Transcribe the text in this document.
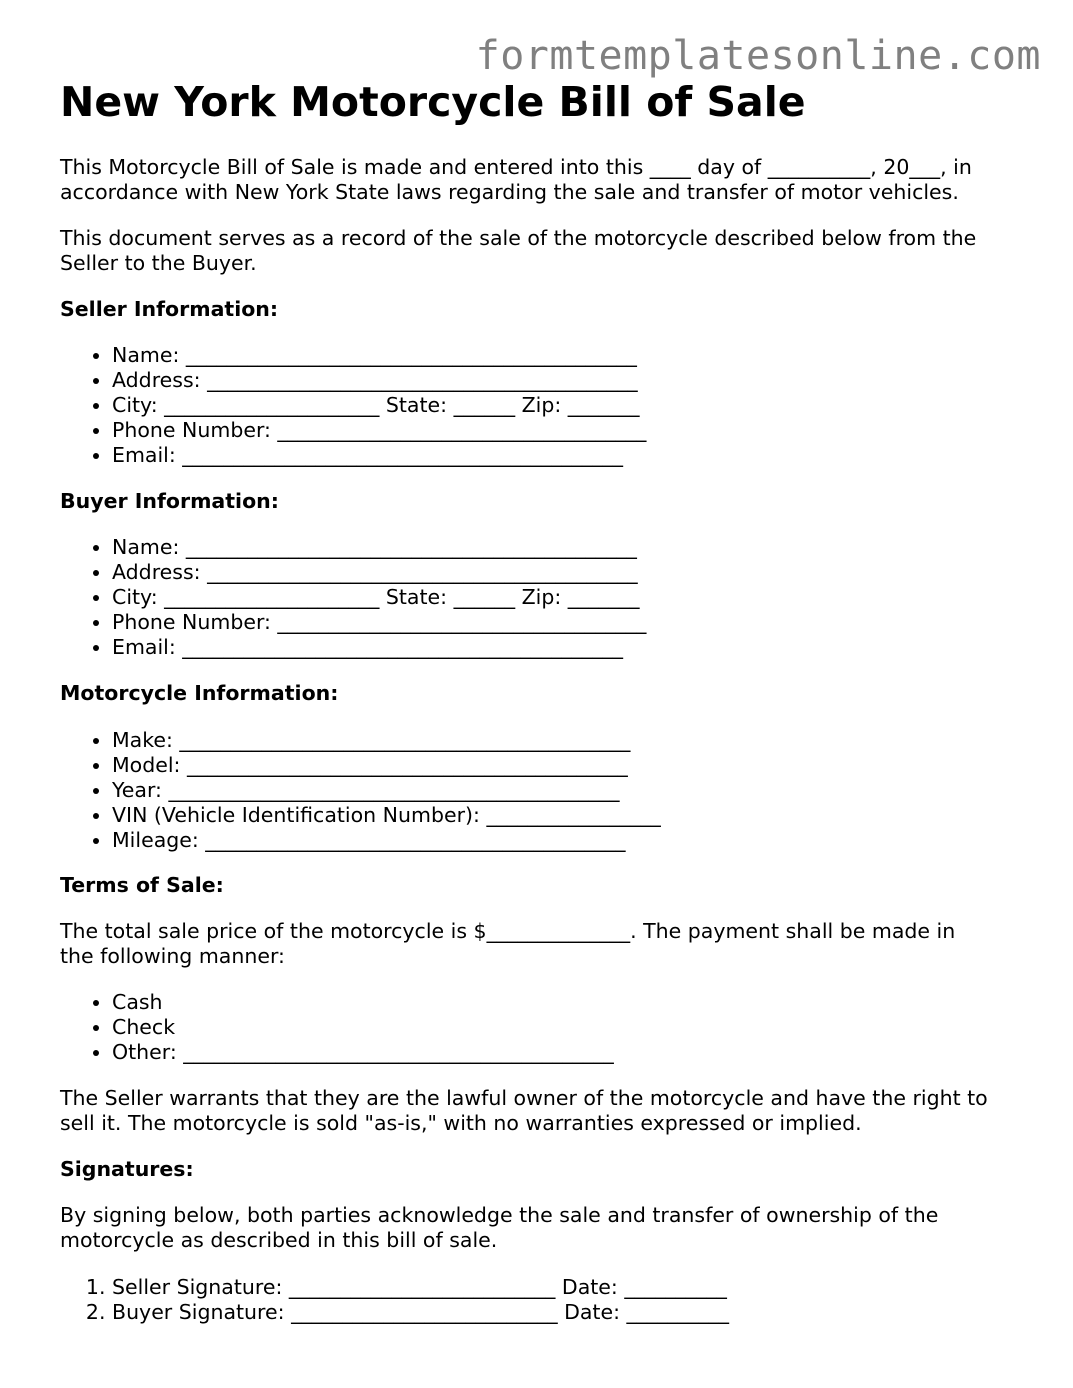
formtemplatesonline.com
New York Motorcycle Bill of Sale
This Motorcycle Bill of Sale is made and entered into this ____ day of __________, 20___, in
accordance with New York State laws regarding the sale and transfer of motor vehicles.
This document serves as a record of the sale of the motorcycle described below from the
Seller to the Buyer.
Seller Information:
• Name: ____________________________________________
• Address: __________________________________________
• City: _____________________ State: ______ Zip: _______
• Phone Number: ____________________________________
• Email: ___________________________________________
Buyer Information:
• Name: ____________________________________________
• Address: __________________________________________
• City: _____________________ State: ______ Zip: _______
• Phone Number: ____________________________________
• Email: ___________________________________________
Motorcycle Information:
• Make: ____________________________________________
• Model: ___________________________________________
• Year: ____________________________________________
• VIN (Vehicle Identification Number): _________________
• Mileage: _________________________________________
Terms of Sale:
The total sale price of the motorcycle is $______________. The payment shall be made in
the following manner:
• Cash
• Check
• Other: __________________________________________
The Seller warrants that they are the lawful owner of the motorcycle and have the right to
sell it. The motorcycle is sold "as-is," with no warranties expressed or implied.
Signatures:
By signing below, both parties acknowledge the sale and transfer of ownership of the
motorcycle as described in this bill of sale.
1. Seller Signature: __________________________ Date: __________
2. Buyer Signature: __________________________ Date: __________
